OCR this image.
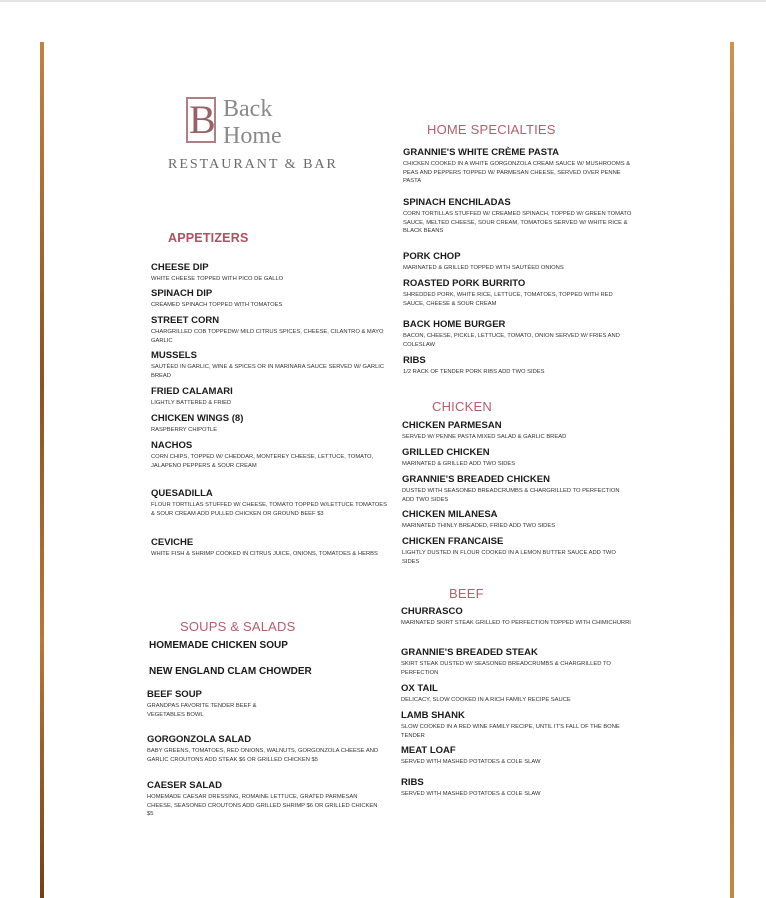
B Back
Home
RESTAURANT & BAR
APPETIZERS
SOUPS & SALADS
HOME SPECIALTIES
CHICKEN
BEEF
CHEESE DIP
WHITE CHEESE TOPPED WITH PICO DE GALLO
SPINACH DIP
CREAMED SPINACH TOPPED WITH TOMATOES
STREET CORN
CHARGRILLED COB TOPPEDW/ MILD CITRUS SPICES, CHEESE, CILANTRO & MAYO GARLIC
MUSSELS
SAUTÉED IN GARLIC, WINE & SPICES OR IN MARINARA SAUCE SERVED W/ GARLIC BREAD
FRIED CALAMARI
LIGHTLY BATTERED & FRIED
CHICKEN WINGS (8)
RASPBERRY CHIPOTLE
NACHOS
CORN CHIPS, TOPPED W/ CHEDDAR, MONTEREY CHEESE, LETTUCE, TOMATO, JALAPENO PEPPERS & SOUR CREAM
QUESADILLA
FLOUR TORTILLAS STUFFED W/ CHEESE, TOMATO TOPPED W/LETTUCE TOMATOES & SOUR CREAM ADD PULLED CHICKEN OR GROUND BEEF $3
CEVICHE
WHITE FISH & SHRIMP COOKED IN CITRUS JUICE, ONIONS, TOMATOES & HERBS
HOMEMADE CHICKEN SOUP
NEW ENGLAND CLAM CHOWDER
BEEF SOUP
GRANDPAS FAVORITE TENDER BEEF & VEGETABLES BOWL
GORGONZOLA SALAD
BABY GREENS, TOMATOES, RED ONIONS, WALNUTS, GORGONZOLA CHEESE AND GARLIC CROUTONS ADD STEAK $6 OR GRILLED CHICKEN $5
CAESER SALAD
HOMEMADE CAESAR DRESSING, ROMAINE LETTUCE, GRATED PARMESAN CHEESE, SEASONED CROUTONS ADD GRILLED SHRIMP $6 OR GRILLED CHICKEN $5
GRANNIE'S WHITE CRÈME PASTA
CHICKEN COOKED IN A WHITE GORGONZOLA CREAM SAUCE W/ MUSHROOMS & PEAS AND PEPPERS TOPPED W/ PARMESAN CHEESE, SERVED OVER PENNE PASTA
SPINACH ENCHILADAS
CORN TORTILLAS STUFFED W/ CREAMED SPINACH, TOPPED W/ GREEN TOMATO SAUCE, MELTED CHEESE, SOUR CREAM, TOMATOES SERVED W/ WHITE RICE & BLACK BEANS
PORK CHOP
MARINATED & GRILLED TOPPED WITH SAUTÉED ONIONS
ROASTED PORK BURRITO
SHREDDED PORK, WHITE RICE, LETTUCE, TOMATOES, TOPPED WITH RED SAUCE, CHEESE & SOUR CREAM
BACK HOME BURGER
BACON, CHEESE, PICKLE, LETTUCE, TOMATO, ONION SERVED W/ FRIES AND COLESLAW
RIBS
1/2 RACK OF TENDER PORK RIBS ADD TWO SIDES
CHICKEN PARMESAN
SERVED W/ PENNE PASTA MIXED SALAD & GARLIC BREAD
GRILLED CHICKEN
MARINATED & GRILLED ADD TWO SIDES
GRANNIE'S BREADED CHICKEN
DUSTED WITH SEASONED BREADCRUMBS & CHARGRILLED TO PERFECTION ADD TWO SIDES
CHICKEN MILANESA
MARINATED THINLY BREADED, FRIED ADD TWO SIDES
CHICKEN FRANCAISE
LIGHTLY DUSTED IN FLOUR COOKED IN A LEMON BUTTER SAUCE ADD TWO SIDES
CHURRASCO
MARINATED SKIRT STEAK GRILLED TO PERFECTION TOPPED WITH CHIMICHURRI
GRANNIE'S BREADED STEAK
SKIRT STEAK DUSTED W/ SEASONED BREADCRUMBS & CHARGRILLED TO PERFECTION
OX TAIL
DELICACY, SLOW COOKED IN A RICH FAMILY RECIPE SAUCE
LAMB SHANK
SLOW COOKED IN A RED WINE FAMILY RECIPE, UNTIL IT'S FALL OF THE BONE TENDER
MEAT LOAF
SERVED WITH MASHED POTATOES & COLE SLAW
RIBS
SERVED WITH MASHED POTATOES & COLE SLAW
